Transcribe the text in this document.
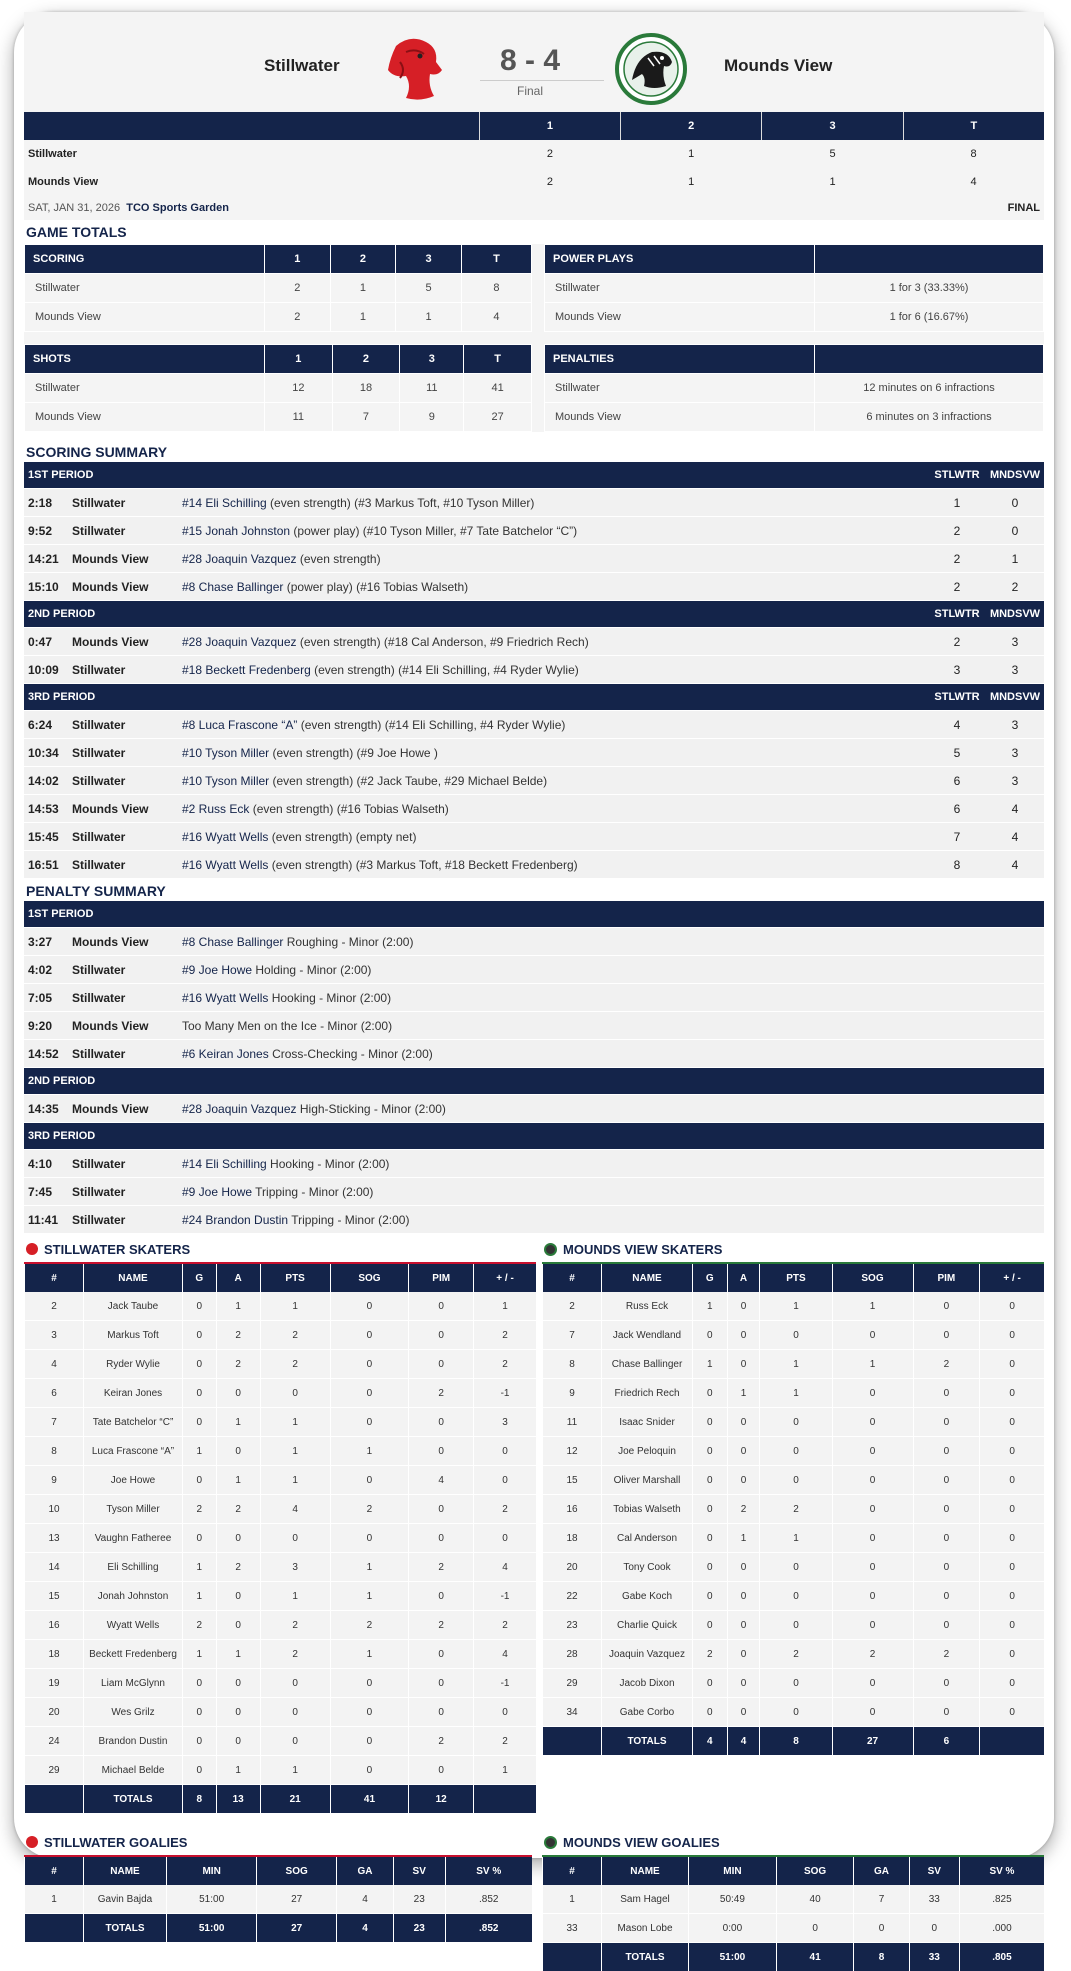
Stillwater	8 - 4
Final
Mounds View
	1	2	3	T
Stillwater	2	1	5	8
Mounds View	2	1	1	4
SAT, JAN 31, 2026 TCO Sports Garden	FINAL
GAME TOTALS
SCORING	1	2	3	T
Stillwater	2	1	5	8
Mounds View	2	1	1	4
POWER PLAYS	
Stillwater	1 for 3 (33.33%)
Mounds View	1 for 6 (16.67%)
SHOTS	1	2	3	T
Stillwater	12	18	11	41
Mounds View	11	7	9	27
PENALTIES	
Stillwater	12 minutes on 6 infractions
Mounds View	6 minutes on 3 infractions
SCORING SUMMARY
1ST PERIOD			STLWTR	MNDSVW
2:18	Stillwater	#14 Eli Schilling (even strength) (#3 Markus Toft, #10 Tyson Miller)	1	0
9:52	Stillwater	#15 Jonah Johnston (power play) (#10 Tyson Miller, #7 Tate Batchelor “C”)	2	0
14:21	Mounds View	#28 Joaquin Vazquez (even strength)	2	1
15:10	Mounds View	#8 Chase Ballinger (power play) (#16 Tobias Walseth)	2	2
2ND PERIOD			STLWTR	MNDSVW
0:47	Mounds View	#28 Joaquin Vazquez (even strength) (#18 Cal Anderson, #9 Friedrich Rech)	2	3
10:09	Stillwater	#18 Beckett Fredenberg (even strength) (#14 Eli Schilling, #4 Ryder Wylie)	3	3
3RD PERIOD			STLWTR	MNDSVW
6:24	Stillwater	#8 Luca Frascone “A” (even strength) (#14 Eli Schilling, #4 Ryder Wylie)	4	3
10:34	Stillwater	#10 Tyson Miller (even strength) (#9 Joe Howe )	5	3
14:02	Stillwater	#10 Tyson Miller (even strength) (#2 Jack Taube, #29 Michael Belde)	6	3
14:53	Mounds View	#2 Russ Eck (even strength) (#16 Tobias Walseth)	6	4
15:45	Stillwater	#16 Wyatt Wells (even strength) (empty net)	7	4
16:51	Stillwater	#16 Wyatt Wells (even strength) (#3 Markus Toft, #18 Beckett Fredenberg)	8	4
PENALTY SUMMARY
1ST PERIOD		
3:27	Mounds View	#8 Chase Ballinger Roughing - Minor (2:00)
4:02	Stillwater	#9 Joe Howe Holding - Minor (2:00)
7:05	Stillwater	#16 Wyatt Wells Hooking - Minor (2:00)
9:20	Mounds View	Too Many Men on the Ice - Minor (2:00)
14:52	Stillwater	#6 Keiran Jones Cross-Checking - Minor (2:00)
2ND PERIOD		
14:35	Mounds View	#28 Joaquin Vazquez High-Sticking - Minor (2:00)
3RD PERIOD		
4:10	Stillwater	#14 Eli Schilling Hooking - Minor (2:00)
7:45	Stillwater	#9 Joe Howe Tripping - Minor (2:00)
11:41	Stillwater	#24 Brandon Dustin Tripping - Minor (2:00)
STILLWATER SKATERS
#	NAME	G	A	PTS	SOG	PIM	+ / -
2	Jack Taube	0	1	1	0	0	1
3	Markus Toft	0	2	2	0	0	2
4	Ryder Wylie	0	2	2	0	0	2
6	Keiran Jones	0	0	0	0	2	-1
7	Tate Batchelor “C”	0	1	1	0	0	3
8	Luca Frascone “A”	1	0	1	1	0	0
9	Joe Howe	0	1	1	0	4	0
10	Tyson Miller	2	2	4	2	0	2
13	Vaughn Fatheree	0	0	0	0	0	0
14	Eli Schilling	1	2	3	1	2	4
15	Jonah Johnston	1	0	1	1	0	-1
16	Wyatt Wells	2	0	2	2	2	2
18	Beckett Fredenberg	1	1	2	1	0	4
19	Liam McGlynn	0	0	0	0	0	-1
20	Wes Grilz	0	0	0	0	0	0
24	Brandon Dustin	0	0	0	0	2	2
29	Michael Belde	0	1	1	0	0	1
	TOTALS	8	13	21	41	12	
MOUNDS VIEW SKATERS
#	NAME	G	A	PTS	SOG	PIM	+ / -
2	Russ Eck	1	0	1	1	0	0
7	Jack Wendland	0	0	0	0	0	0
8	Chase Ballinger	1	0	1	1	2	0
9	Friedrich Rech	0	1	1	0	0	0
11	Isaac Snider	0	0	0	0	0	0
12	Joe Peloquin	0	0	0	0	0	0
15	Oliver Marshall	0	0	0	0	0	0
16	Tobias Walseth	0	2	2	0	0	0
18	Cal Anderson	0	1	1	0	0	0
20	Tony Cook	0	0	0	0	0	0
22	Gabe Koch	0	0	0	0	0	0
23	Charlie Quick	0	0	0	0	0	0
28	Joaquin Vazquez	2	0	2	2	2	0
29	Jacob Dixon	0	0	0	0	0	0
34	Gabe Corbo	0	0	0	0	0	0
	TOTALS	4	4	8	27	6	
STILLWATER GOALIES
#	NAME	MIN	SOG	GA	SV	SV %
1	Gavin Bajda	51:00	27	4	23	.852
	TOTALS	51:00	27	4	23	.852
MOUNDS VIEW GOALIES
#	NAME	MIN	SOG	GA	SV	SV %
1	Sam Hagel	50:49	40	7	33	.825
33	Mason Lobe	0:00	0	0	0	.000
	TOTALS	51:00	41	8	33	.805
